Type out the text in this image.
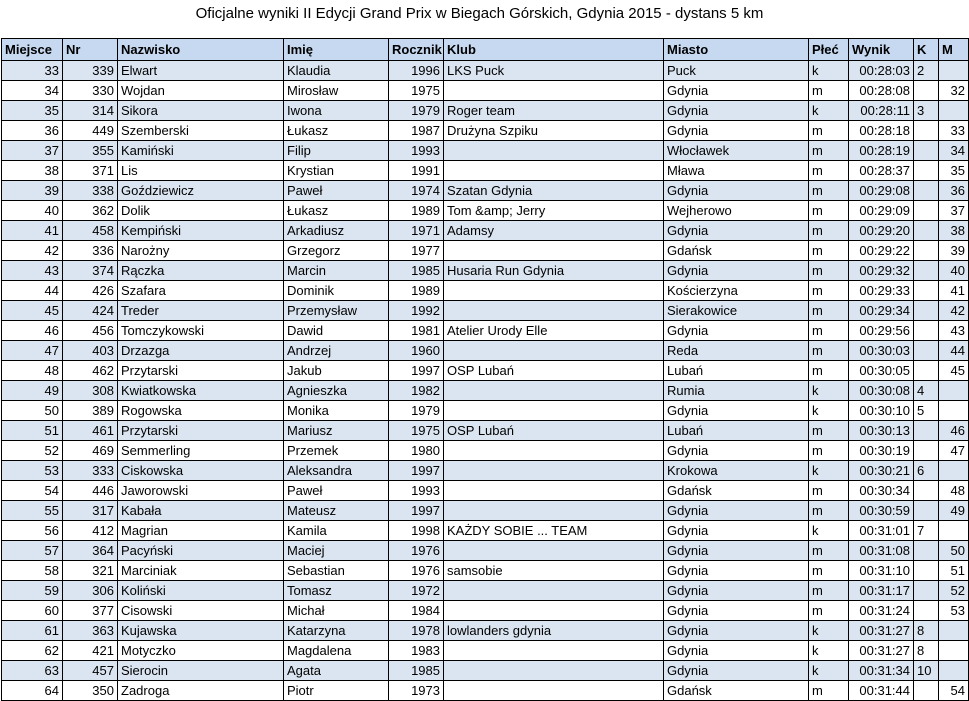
Oficjalne wyniki II Edycji Grand Prix w Biegach Górskich, Gdynia 2015 - dystans 5 km
Miejsce	Nr	Nazwisko	Imię	Rocznik	Klub	Miasto	Płeć	Wynik	K	M
33	339	Elwart	Klaudia	1996	LKS Puck	Puck	k	00:28:03	2	
34	330	Wojdan	Mirosław	1975		Gdynia	m	00:28:08		32
35	314	Sikora	Iwona	1979	Roger team	Gdynia	k	00:28:11	3	
36	449	Szemberski	Łukasz	1987	Drużyna Szpiku	Gdynia	m	00:28:18		33
37	355	Kamiński	Filip	1993		Włocławek	m	00:28:19		34
38	371	Lis	Krystian	1991		Mława	m	00:28:37		35
39	338	Goździewicz	Paweł	1974	Szatan Gdynia	Gdynia	m	00:29:08		36
40	362	Dolik	Łukasz	1989	Tom &amp; Jerry	Wejherowo	m	00:29:09		37
41	458	Kempiński	Arkadiusz	1971	Adamsy	Gdynia	m	00:29:20		38
42	336	Narożny	Grzegorz	1977		Gdańsk	m	00:29:22		39
43	374	Rączka	Marcin	1985	Husaria Run Gdynia	Gdynia	m	00:29:32		40
44	426	Szafara	Dominik	1989		Kościerzyna	m	00:29:33		41
45	424	Treder	Przemysław	1992		Sierakowice	m	00:29:34		42
46	456	Tomczykowski	Dawid	1981	Atelier Urody Elle	Gdynia	m	00:29:56		43
47	403	Drzazga	Andrzej	1960		Reda	m	00:30:03		44
48	462	Przytarski	Jakub	1997	OSP Lubań	Lubań	m	00:30:05		45
49	308	Kwiatkowska	Agnieszka	1982		Rumia	k	00:30:08	4	
50	389	Rogowska	Monika	1979		Gdynia	k	00:30:10	5	
51	461	Przytarski	Mariusz	1975	OSP Lubań	Lubań	m	00:30:13		46
52	469	Semmerling	Przemek	1980		Gdynia	m	00:30:19		47
53	333	Ciskowska	Aleksandra	1997		Krokowa	k	00:30:21	6	
54	446	Jaworowski	Paweł	1993		Gdańsk	m	00:30:34		48
55	317	Kabała	Mateusz	1997		Gdynia	m	00:30:59		49
56	412	Magrian	Kamila	1998	KAŻDY SOBIE ... TEAM	Gdynia	k	00:31:01	7	
57	364	Pacyński	Maciej	1976		Gdynia	m	00:31:08		50
58	321	Marciniak	Sebastian	1976	samsobie	Gdynia	m	00:31:10		51
59	306	Koliński	Tomasz	1972		Gdynia	m	00:31:17		52
60	377	Cisowski	Michał	1984		Gdynia	m	00:31:24		53
61	363	Kujawska	Katarzyna	1978	lowlanders gdynia	Gdynia	k	00:31:27	8	
62	421	Motyczko	Magdalena	1983		Gdynia	k	00:31:27	8	
63	457	Sierocin	Agata	1985		Gdynia	k	00:31:34	10	
64	350	Zadroga	Piotr	1973		Gdańsk	m	00:31:44		54
